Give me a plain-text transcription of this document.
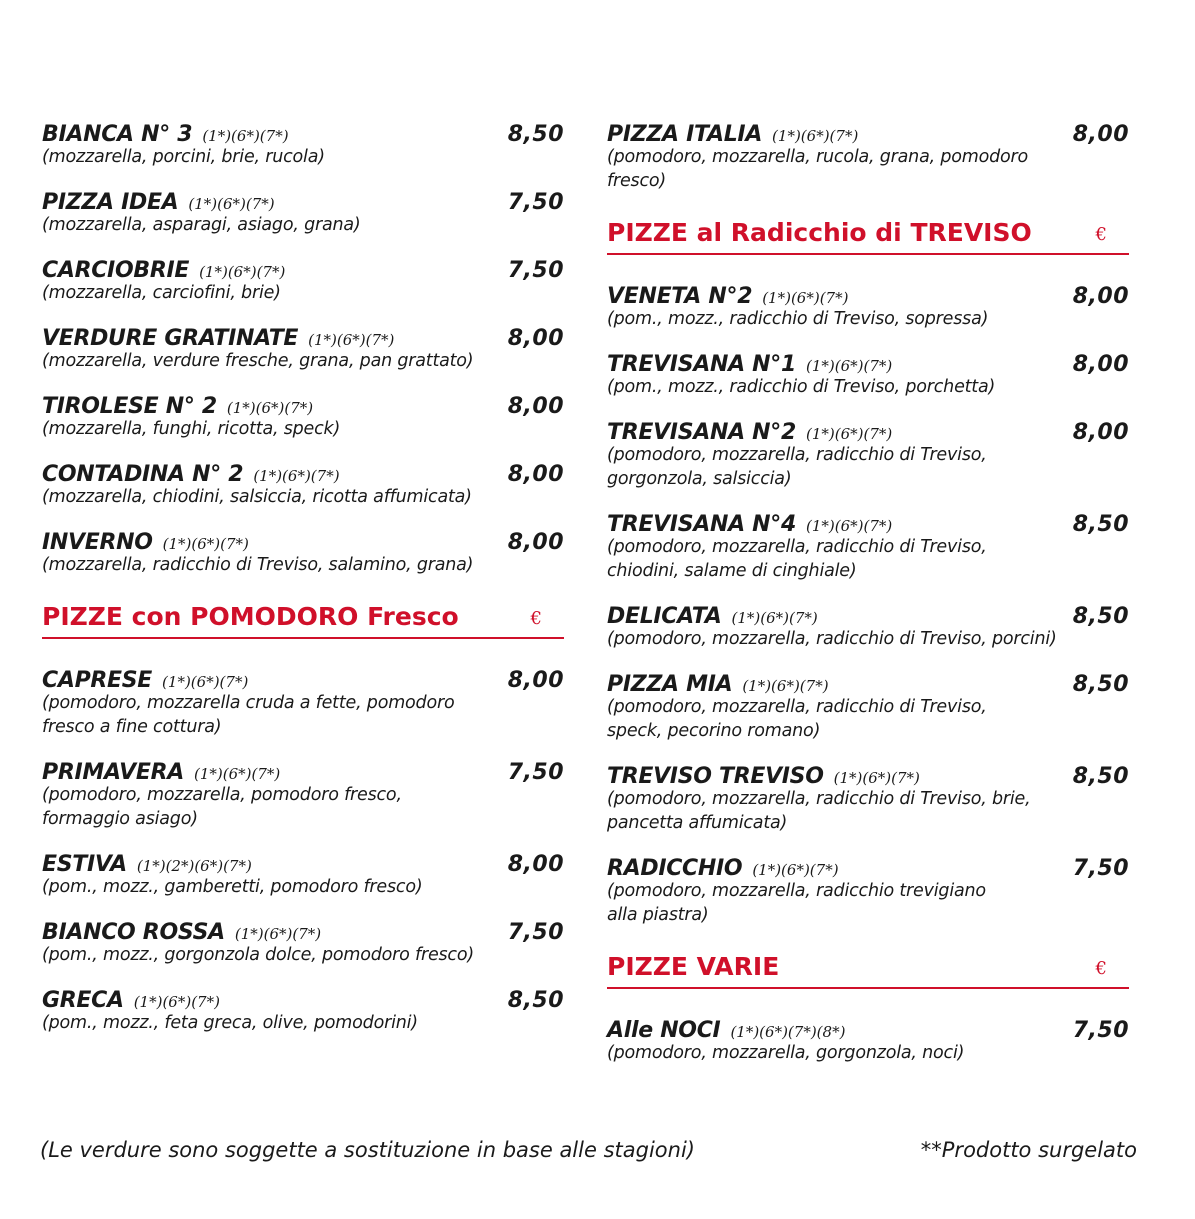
BIANCA N° 3 (1*)(6*)(7*)	8,50
(mozzarella, porcini, brie, rucola)
PIZZA IDEA (1*)(6*)(7*)	7,50
(mozzarella, asparagi, asiago, grana)
CARCIOBRIE (1*)(6*)(7*)	7,50
(mozzarella, carciofini, brie)
VERDURE GRATINATE (1*)(6*)(7*)	8,00
(mozzarella, verdure fresche, grana, pan grattato)
TIROLESE N° 2 (1*)(6*)(7*)	8,00
(mozzarella, funghi, ricotta, speck)
CONTADINA N° 2 (1*)(6*)(7*)	8,00
(mozzarella, chiodini, salsiccia, ricotta affumicata)
INVERNO (1*)(6*)(7*)	8,00
(mozzarella, radicchio di Treviso, salamino, grana)
PIZZE con POMODORO Fresco	€
CAPRESE (1*)(6*)(7*)	8,00
(pomodoro, mozzarella cruda a fette, pomodoro
fresco a fine cottura)
PRIMAVERA (1*)(6*)(7*)	7,50
(pomodoro, mozzarella, pomodoro fresco,
formaggio asiago)
ESTIVA (1*)(2*)(6*)(7*)	8,00
(pom., mozz., gamberetti, pomodoro fresco)
BIANCO ROSSA (1*)(6*)(7*)	7,50
(pom., mozz., gorgonzola dolce, pomodoro fresco)
GRECA (1*)(6*)(7*)	8,50
(pom., mozz., feta greca, olive, pomodorini)
PIZZA ITALIA (1*)(6*)(7*)	8,00
(pomodoro, mozzarella, rucola, grana, pomodoro
fresco)
PIZZE al Radicchio di TREVISO	€
VENETA N°2 (1*)(6*)(7*)	8,00
(pom., mozz., radicchio di Treviso, sopressa)
TREVISANA N°1 (1*)(6*)(7*)	8,00
(pom., mozz., radicchio di Treviso, porchetta)
TREVISANA N°2 (1*)(6*)(7*)	8,00
(pomodoro, mozzarella, radicchio di Treviso,
gorgonzola, salsiccia)
TREVISANA N°4 (1*)(6*)(7*)	8,50
(pomodoro, mozzarella, radicchio di Treviso,
chiodini, salame di cinghiale)
DELICATA (1*)(6*)(7*)	8,50
(pomodoro, mozzarella, radicchio di Treviso, porcini)
PIZZA MIA (1*)(6*)(7*)	8,50
(pomodoro, mozzarella, radicchio di Treviso,
speck, pecorino romano)
TREVISO TREVISO (1*)(6*)(7*)	8,50
(pomodoro, mozzarella, radicchio di Treviso, brie,
pancetta affumicata)
RADICCHIO (1*)(6*)(7*)	7,50
(pomodoro, mozzarella, radicchio trevigiano
alla piastra)
PIZZE VARIE	€
Alle NOCI (1*)(6*)(7*)(8*)	7,50
(pomodoro, mozzarella, gorgonzola, noci)
(Le verdure sono soggette a sostituzione in base alle stagioni)	**Prodotto surgelato
